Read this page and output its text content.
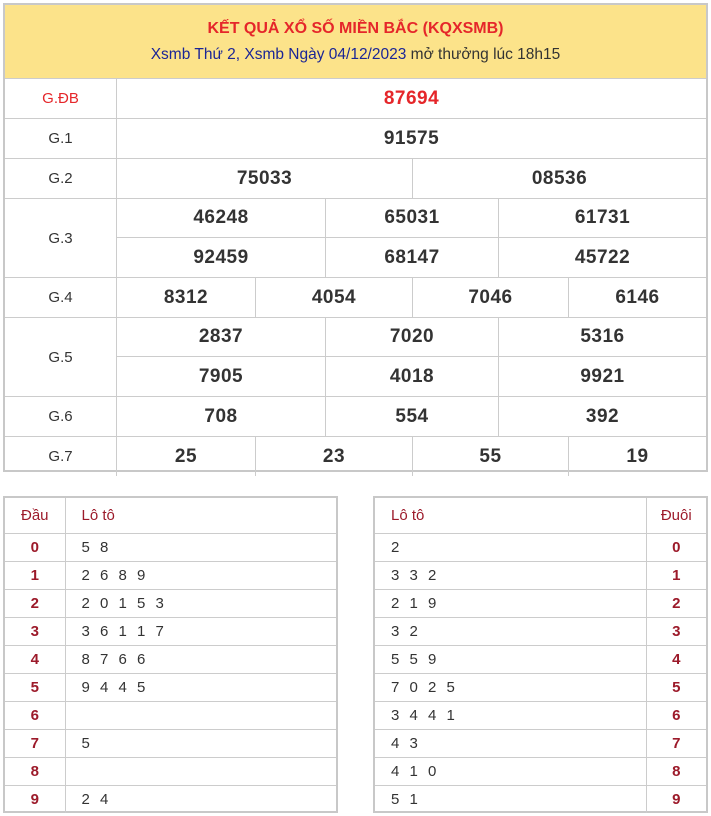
KẾT QUẢ XỔ SỐ MIỀN BẮC (KQXSMB)
Xsmb Thứ 2, Xsmb Ngày 04/12/2023 mở thưởng lúc 18h15
G.ĐB	87694
G.1	91575
G.2	75033	08536
G.3
46248	65031	61731
92459	68147	45722
G.4	8312	4054	7046	6146
G.5
2837	7020	5316
7905	4018	9921
G.6	708	554	392
G.7	25	23	55	19
Đầu	Lô tô
0	5 8
1	2 6 8 9
2	2 0 1 5 3
3	3 6 1 1 7
4	8 7 6 6
5	9 4 4 5
6	
7	5
8	
9	2 4
Lô tô	Đuôi
2	0
3 3 2	1
2 1 9	2
3 2	3
5 5 9	4
7 0 2 5	5
3 4 4 1	6
4 3	7
4 1 0	8
5 1	9
